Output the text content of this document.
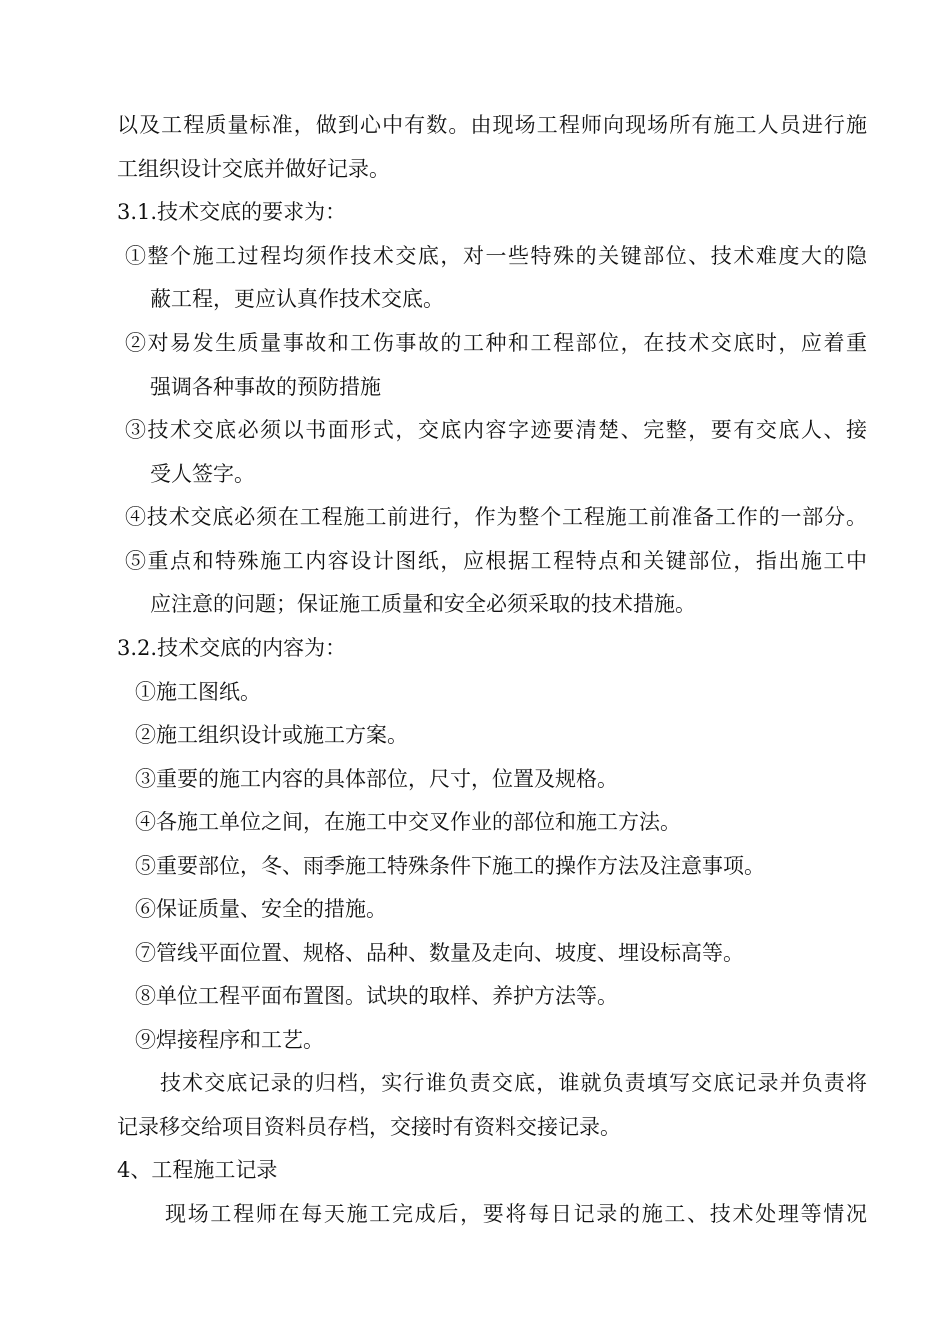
以及工程质量标准，做到心中有数。由现场工程师向现场所有施工人员进行施
工组织设计交底并做好记录。
3.1.技术交底的要求为：
①整个施工过程均须作技术交底，对一些特殊的关键部位、技术难度大的隐
蔽工程，更应认真作技术交底。
②对易发生质量事故和工伤事故的工种和工程部位，在技术交底时，应着重
强调各种事故的预防措施
③技术交底必须以书面形式，交底内容字迹要清楚、完整，要有交底人、接
受人签字。
④技术交底必须在工程施工前进行，作为整个工程施工前准备工作的一部分。
⑤重点和特殊施工内容设计图纸，应根据工程特点和关键部位，指出施工中
应注意的问题；保证施工质量和安全必须采取的技术措施。
3.2.技术交底的内容为：
①施工图纸。
②施工组织设计或施工方案。
③重要的施工内容的具体部位，尺寸，位置及规格。
④各施工单位之间，在施工中交叉作业的部位和施工方法。
⑤重要部位，冬、雨季施工特殊条件下施工的操作方法及注意事项。
⑥保证质量、安全的措施。
⑦管线平面位置、规格、品种、数量及走向、坡度、埋设标高等。
⑧单位工程平面布置图。试块的取样、养护方法等。
⑨焊接程序和工艺。
技术交底记录的归档，实行谁负责交底，谁就负责填写交底记录并负责将
记录移交给项目资料员存档，交接时有资料交接记录。
4、工程施工记录
现场工程师在每天施工完成后，要将每日记录的施工、技术处理等情况
